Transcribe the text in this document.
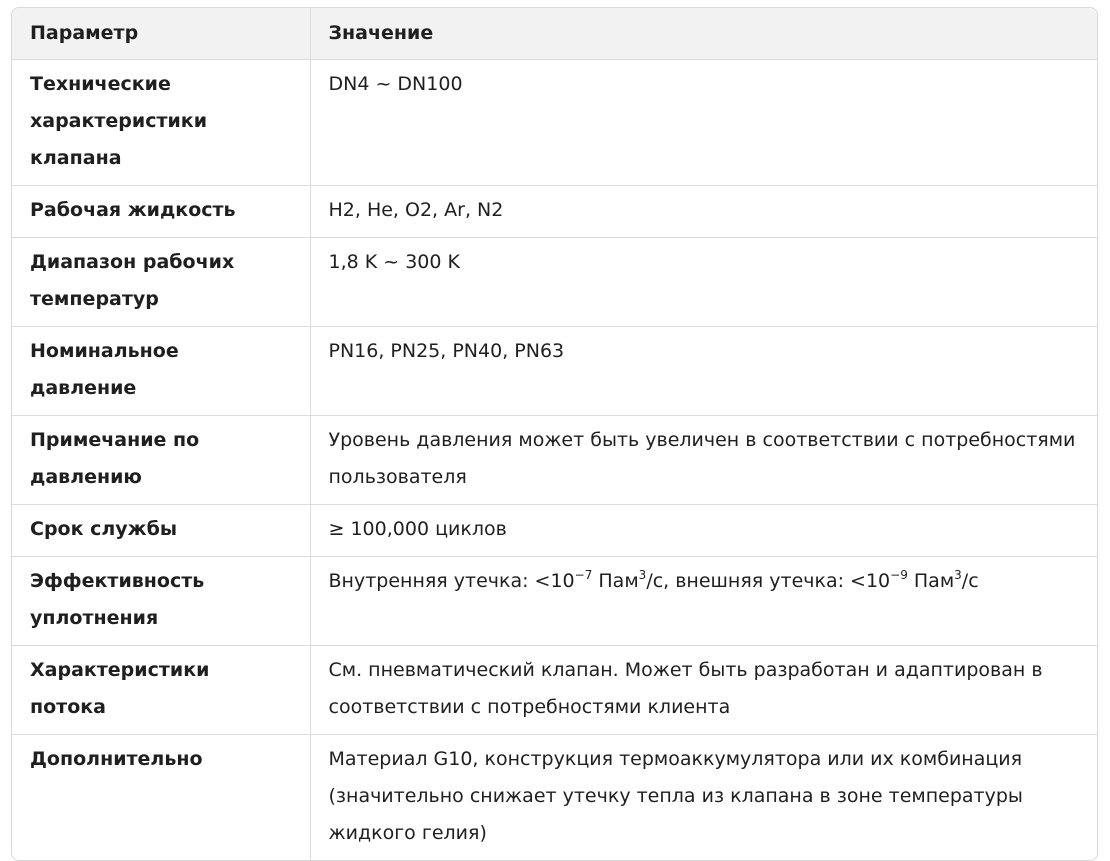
Параметр	Значение
Технические характеристики клапана	DN4 ~ DN100
Рабочая жидкость	H2, He, O2, Ar, N2
Диапазон рабочих температур	1,8 K ~ 300 K
Номинальное давление	PN16, PN25, PN40, PN63
Примечание по давлению	Уровень давления может быть увеличен в соответствии с потребностями пользователя
Срок службы	≥ 100,000 циклов
Эффективность уплотнения	Внутренняя утечка: $<10^{-7}$ Пам$^3$/с, внешняя утечка: $<10^{-9}$ Пам$^3$/с
Характеристики потока	См. пневматический клапан. Может быть разработан и адаптирован в соответствии с потребностями клиента
Дополнительно	Материал G10, конструкция термоаккумулятора или их комбинация (значительно снижает утечку тепла из клапана в зоне температуры жидкого гелия)
